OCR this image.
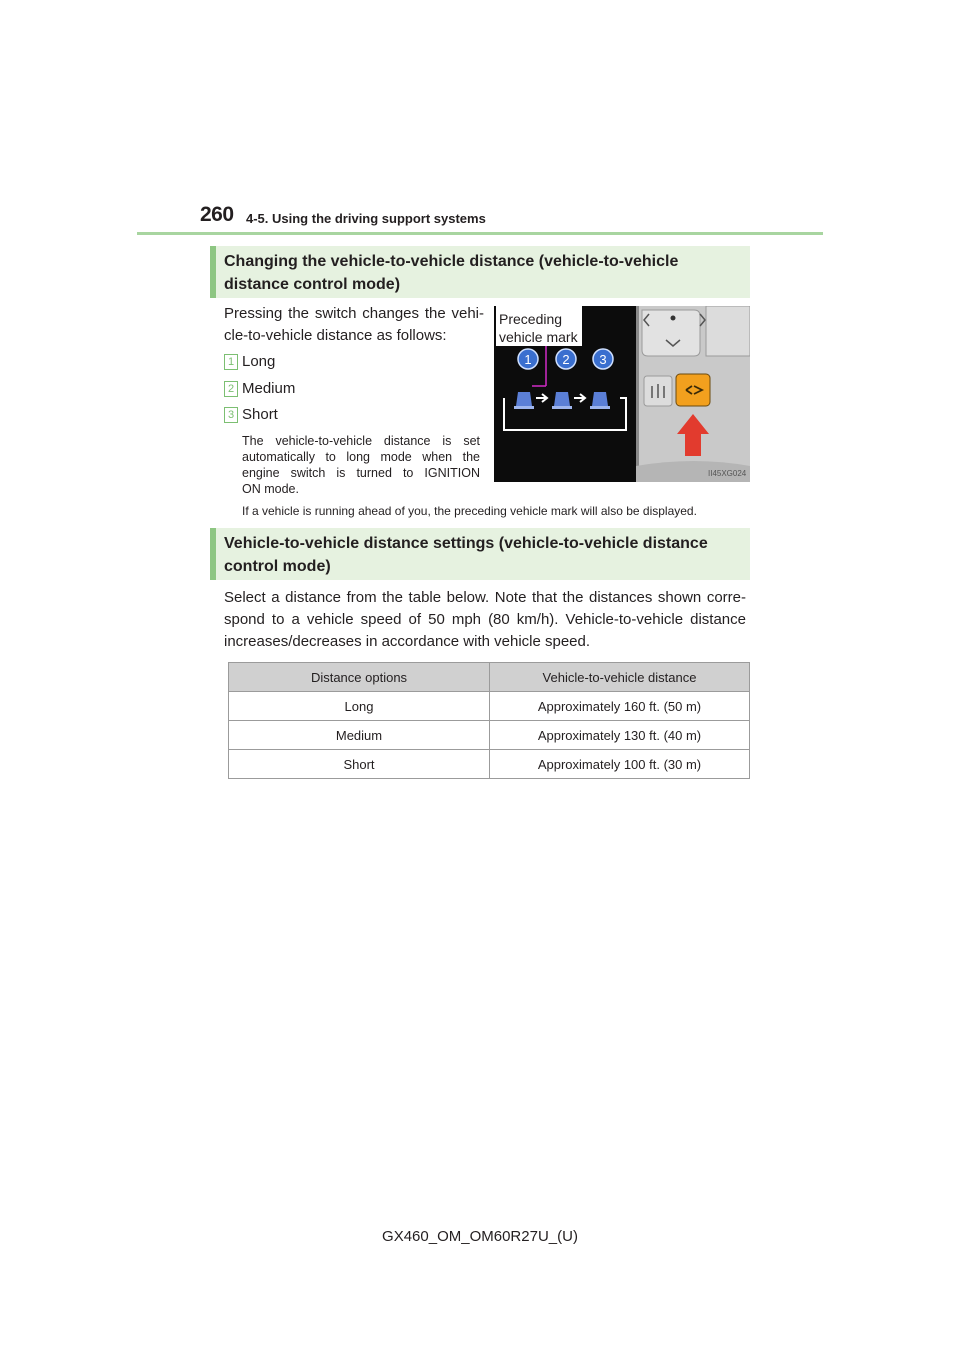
260 4-5. Using the driving support systems
Changing the vehicle-to-vehicle distance (vehicle-to-vehicle distance control mode)
Pressing the switch changes the vehi-
cle-to-vehicle distance as follows:
1 Long
2 Medium
3 Short
The vehicle-to-vehicle distance is set
automatically to long mode when the
engine switch is turned to IGNITION
ON mode.
If a vehicle is running ahead of you, the preceding vehicle mark will also be displayed.
II45XG024
Preceding
vehicle mark
1 2 3
Vehicle-to-vehicle distance settings (vehicle-to-vehicle distance control mode)
Select a distance from the table below. Note that the distances shown corre-
spond to a vehicle speed of 50 mph (80 km/h). Vehicle-to-vehicle distance
increases/decreases in accordance with vehicle speed.
Distance options	Vehicle-to-vehicle distance
Long	Approximately 160 ft. (50 m)
Medium	Approximately 130 ft. (40 m)
Short	Approximately 100 ft. (30 m)
GX460_OM_OM60R27U_(U)
